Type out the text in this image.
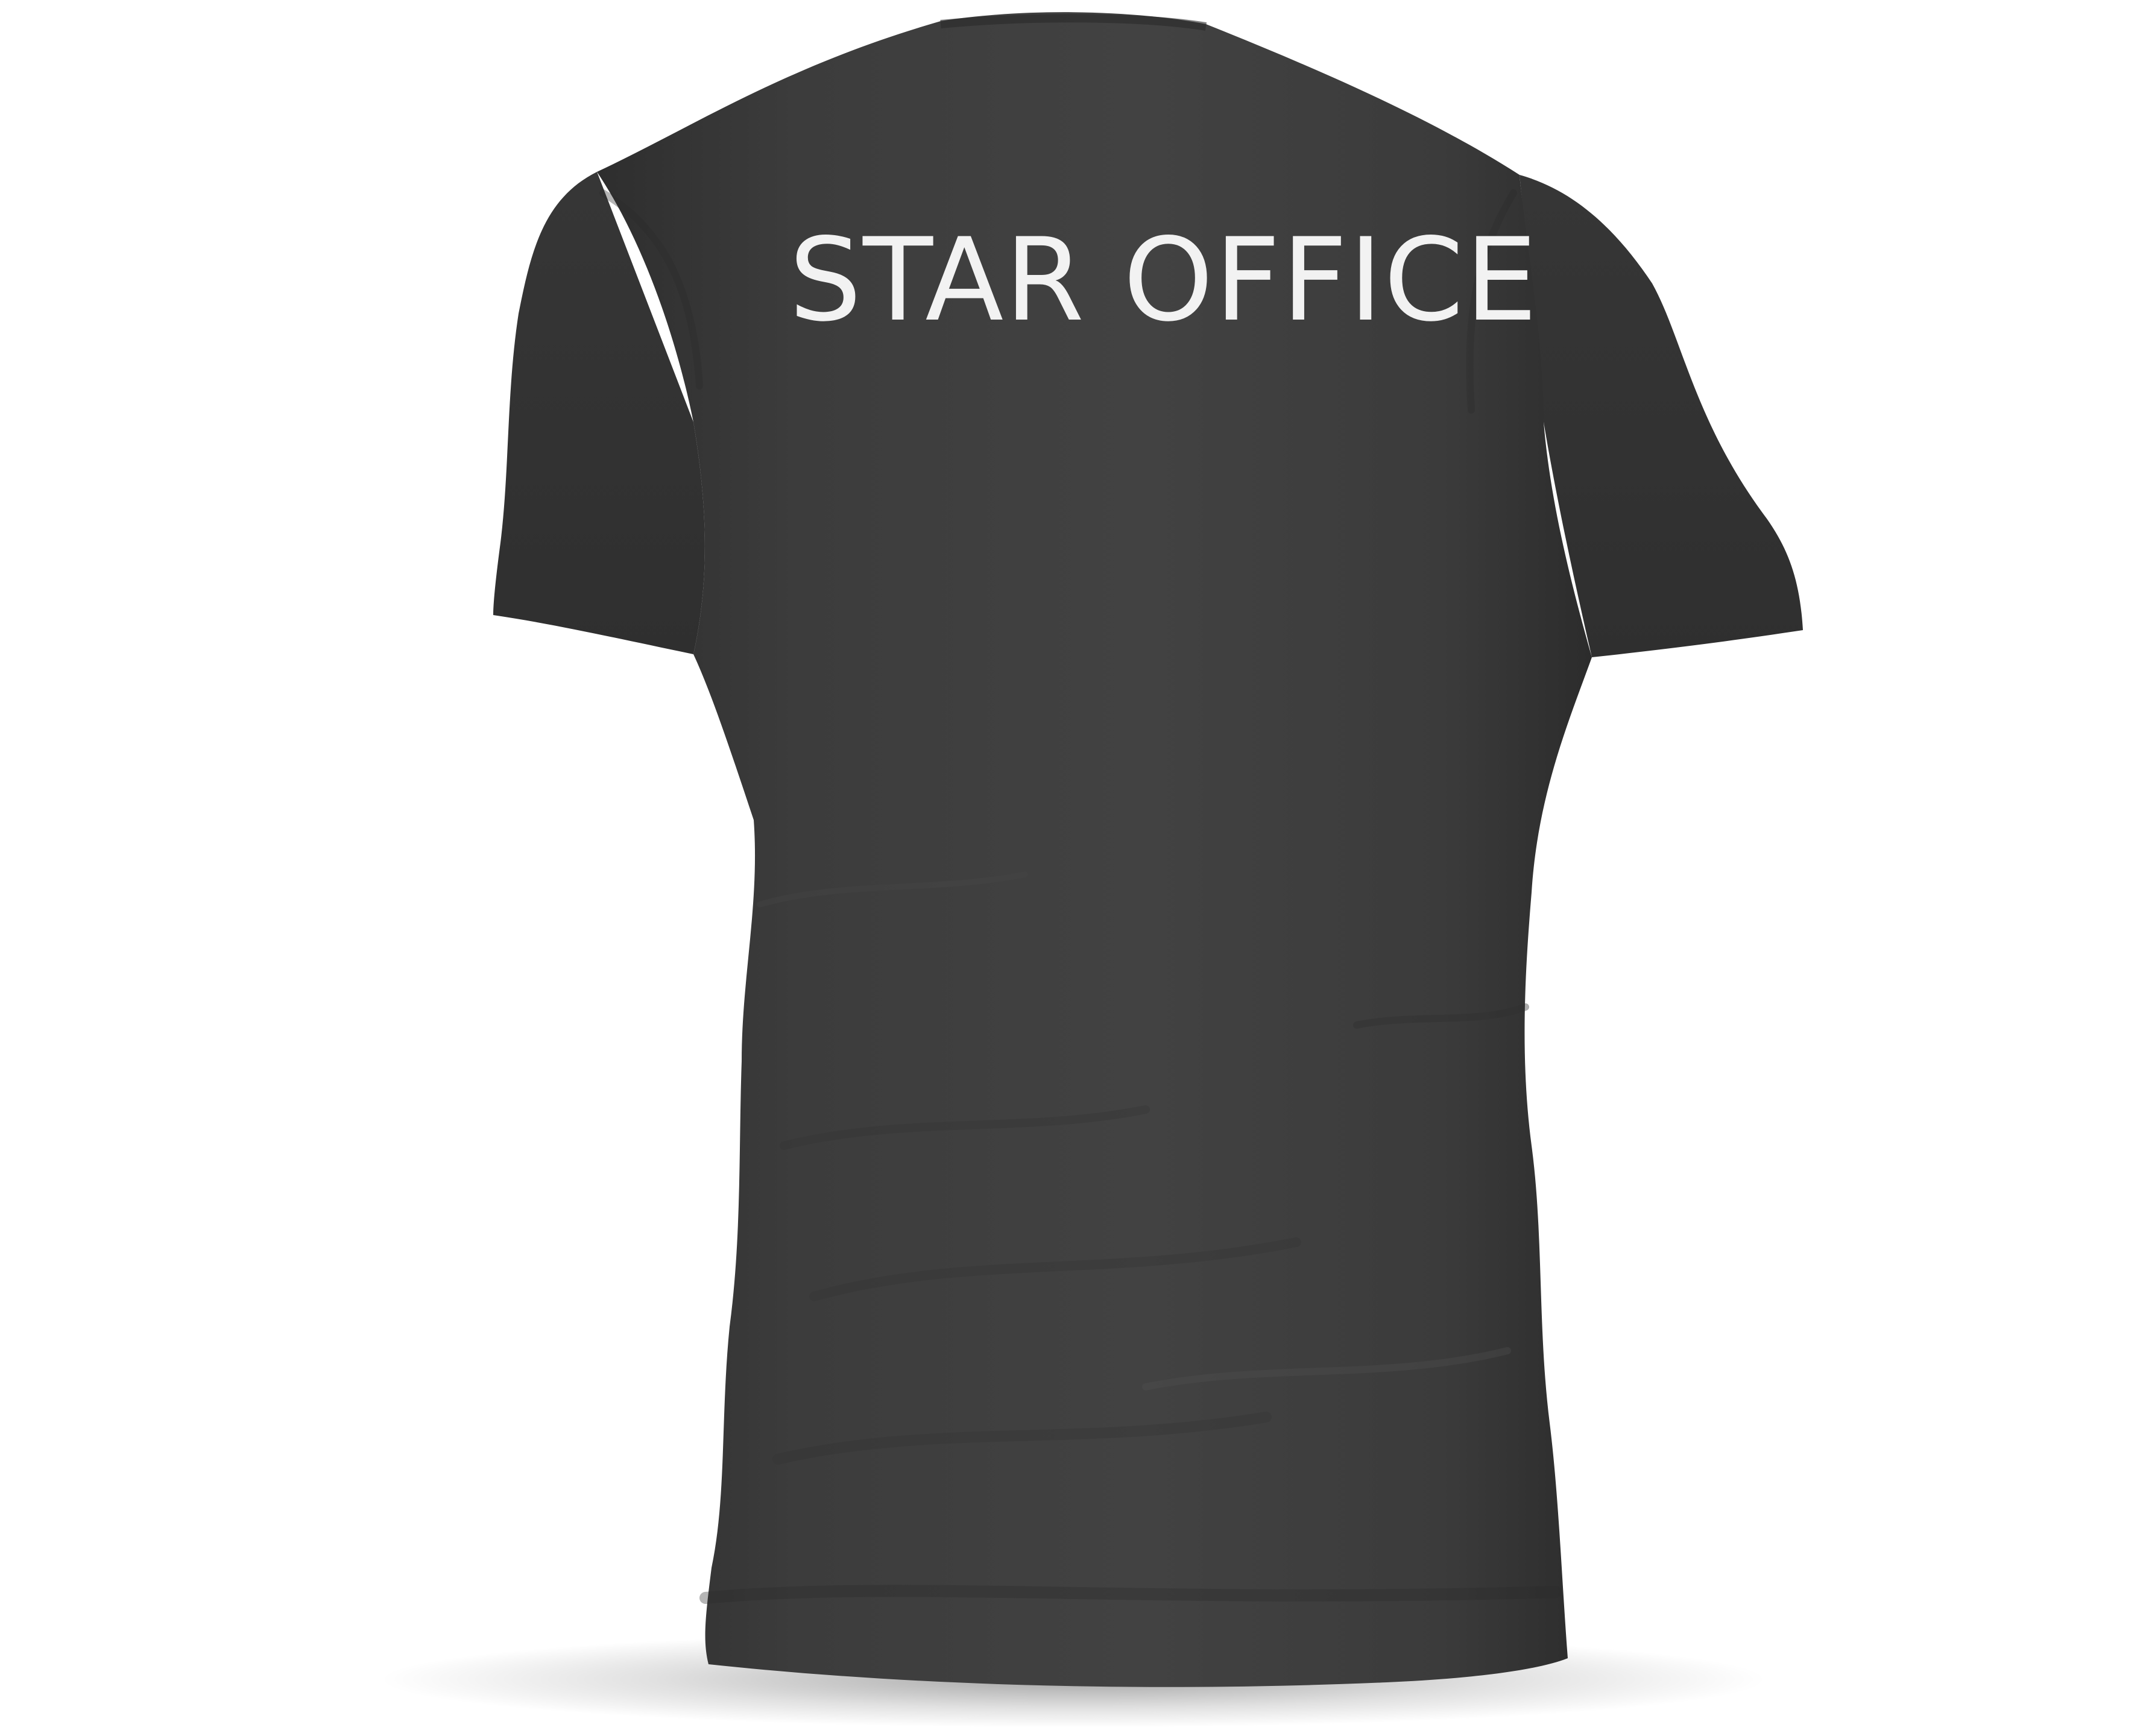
STAR OFFICE
